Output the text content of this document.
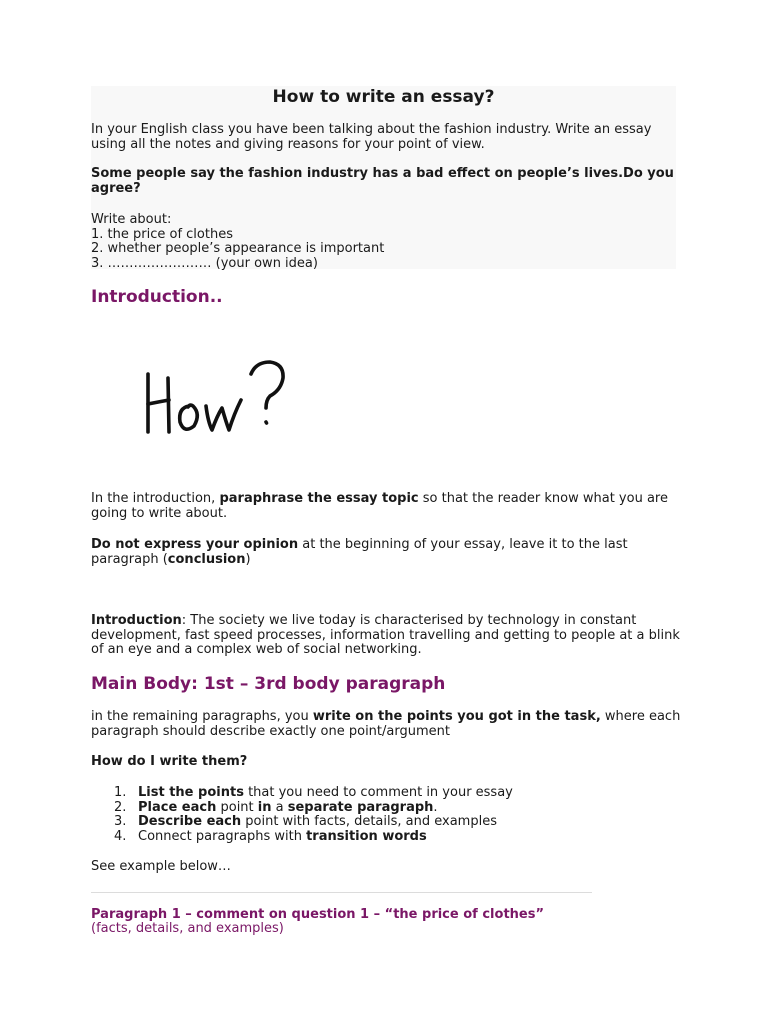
How to write an essay?

In your English class you have been talking about the fashion industry. Write an essay using all the notes and giving reasons for your point of view.

Some people say the fashion industry has a bad effect on people’s lives.Do you agree?

Write about:
1. the price of clothes
2. whether people’s appearance is important
3. …………………… (your own idea)
Introduction..
How?

In the introduction, paraphrase the essay topic so that the reader know what you are going to write about.

Do not express your opinion at the beginning of your essay, leave it to the last paragraph (conclusion)

Introduction: The society we live today is characterised by technology in constant development, fast speed processes, information travelling and getting to people at a blink of an eye and a complex web of social networking.

Main Body: 1st – 3rd body paragraph

in the remaining paragraphs, you write on the points you got in the task, where each paragraph should describe exactly one point/argument

How do I write them?

1. List the points that you need to comment in your essay
2. Place each point in a separate paragraph.
3. Describe each point with facts, details, and examples
4. Connect paragraphs with transition words

See example below…

Paragraph 1 – comment on question 1 – “the price of clothes”

(facts, details, and examples)
